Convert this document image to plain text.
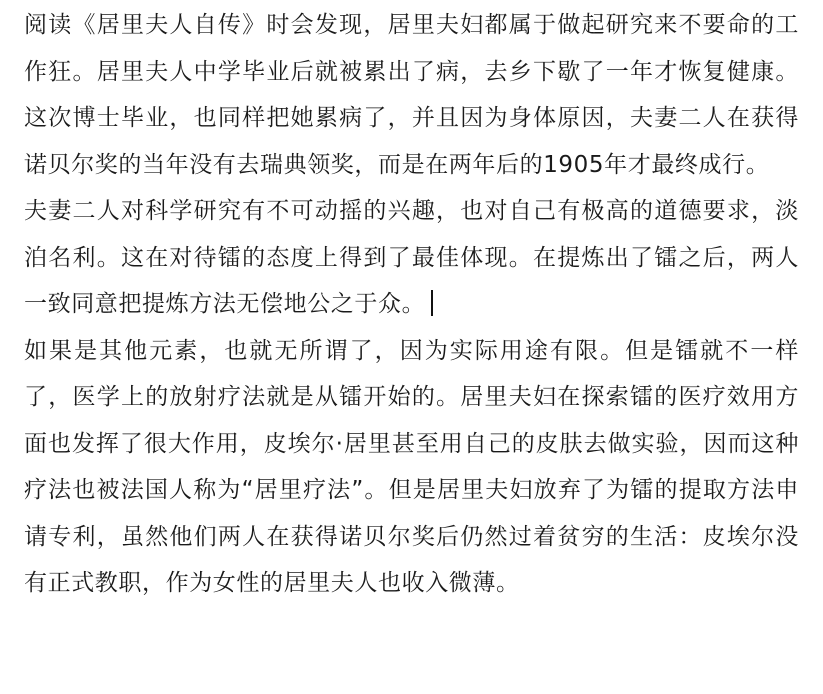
阅读《居里夫人自传》时会发现，居里夫妇都属于做起研究来不要命的工作狂。居里夫人中学毕业后就被累出了病，去乡下歇了一年才恢复健康。这次博士毕业，也同样把她累病了，并且因为身体原因，夫妻二人在获得诺贝尔奖的当年没有去瑞典领奖，而是在两年后的1905年才最终成行。

夫妻二人对科学研究有不可动摇的兴趣，也对自己有极高的道德要求，淡泊名利。这在对待镭的态度上得到了最佳体现。在提炼出了镭之后，两人一致同意把提炼方法无偿地公之于众。

如果是其他元素，也就无所谓了，因为实际用途有限。但是镭就不一样了，医学上的放射疗法就是从镭开始的。居里夫妇在探索镭的医疗效用方面也发挥了很大作用，皮埃尔·居里甚至用自己的皮肤去做实验，因而这种疗法也被法国人称为“居里疗法”。但是居里夫妇放弃了为镭的提取方法申请专利，虽然他们两人在获得诺贝尔奖后仍然过着贫穷的生活：皮埃尔没有正式教职，作为女性的居里夫人也收入微薄。
